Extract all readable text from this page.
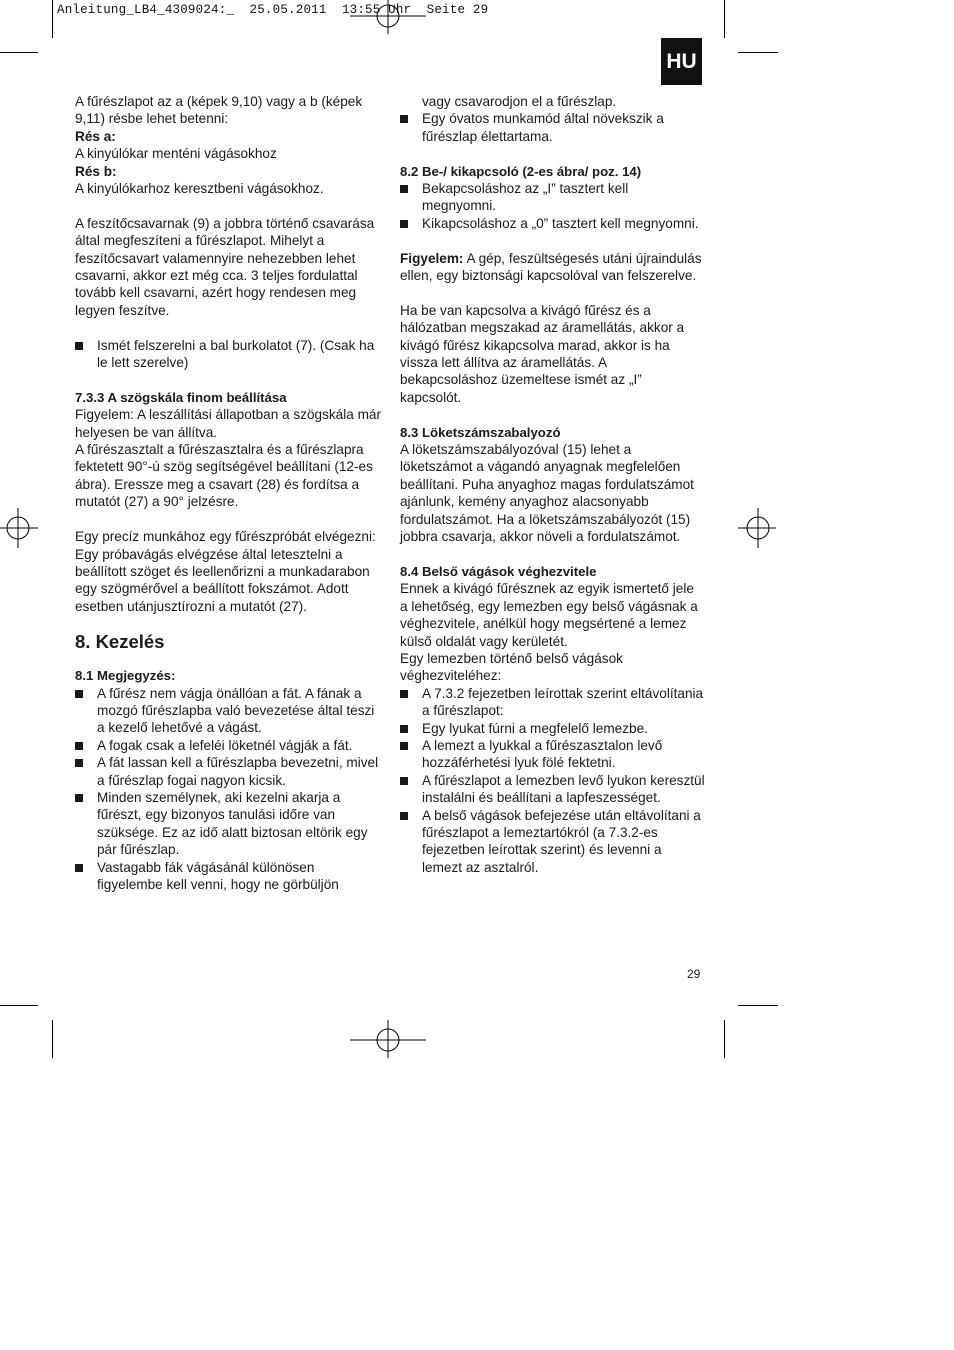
Anleitung_LB4_4309024:_  25.05.2011  13:55 Uhr  Seite 29
HU

A fűrészlapot az a (képek 9,10) vagy a b (képek 9,11) résbe lehet betenni:

Rés a:

A kinyúlókar menténi vágásokhoz

Rés b:

A kinyúlókarhoz keresztbeni vágásokhoz.

A feszítőcsavarnak (9) a jobbra történő csavarása által megfeszíteni a fűrészlapot. Mihelyt a feszítőcsavart valamennyire nehezebben lehet csavarni, akkor ezt még cca. 3 teljes fordulattal tovább kell csavarni, azért hogy rendesen meg legyen feszítve.

Ismét felszerelni a bal burkolatot (7). (Csak ha le lett szerelve)

7.3.3 A szögskála finom beállítása

Figyelem: A leszállítási állapotban a szögskála már helyesen be van állítva.

A fűrészasztalt a fűrészasztalra és a fűrészlapra fektetett 90°-ú szög segítségével beállítani (12-es ábra). Eressze meg a csavart (28) és fordítsa a mutatót (27) a 90° jelzésre.

Egy precíz munkához egy fűrészpróbát elvégezni:

Egy próbavágás elvégzése által letesztelni a beállított szöget és leellenőrizni a munkadarabon egy szögmérővel a beállított fokszámot. Adott esetben utánjusztírozni a mutatót (27).

8. Kezelés

8.1 Megjegyzés:

A fűrész nem vágja önállóan a fát. A fának a mozgó fűrészlapba való bevezetése által teszi a kezelő lehetővé a vágást.
A fogak csak a lefeléi löketnél vágják a fát.
A fát lassan kell a fűrészlapba bevezetni, mivel a fűrészlap fogai nagyon kicsik.
Minden személynek, aki kezelni akarja a fűrészt, egy bizonyos tanulási időre van szüksége. Ez az idő alatt biztosan eltörik egy pár fűrészlap.
Vastagabb fák vágásánál különösen figyelembe kell venni, hogy ne görbüljön

vagy csavarodjon el a fűrészlap.

Egy óvatos munkamód által növekszik a fűrészlap élettartama.

8.2 Be-/ kikapcsoló (2-es ábra/ poz. 14)

Bekapcsoláshoz az „I” tasztert kell megnyomni.
Kikapcsoláshoz a „0” tasztert kell megnyomni.

Figyelem: A gép, feszültségesés utáni újraindulás ellen, egy biztonsági kapcsolóval van felszerelve.

Ha be van kapcsolva a kivágó fűrész és a hálózatban megszakad az áramellátás, akkor a kivágó fűrész kikapcsolva marad, akkor is ha vissza lett állítva az áramellátás. A bekapcsoláshoz üzemeltese ismét az „I” kapcsolót.

8.3 Löketszámszabalyozó

A löketszámszabályozóval (15) lehet a löketszámot a vágandó anyagnak megfelelően beállítani. Puha anyaghoz magas fordulatszámot ajánlunk, kemény anyaghoz alacsonyabb fordulatszámot. Ha a löketszámszabályozót (15) jobbra csavarja, akkor növeli a fordulatszámot.

8.4 Belső vágások véghezvitele

Ennek a kivágó fűrésznek az egyik ismertető jele a lehetőség, egy lemezben egy belső vágásnak a véghezvitele, anélkül hogy megsértené a lemez külső oldalát vagy kerületét.

Egy lemezben történő belső vágások véghezviteléhez:

A 7.3.2 fejezetben leírottak szerint eltávolítania a fűrészlapot:
Egy lyukat fúrni a megfelelő lemezbe.
A lemezt a lyukkal a fűrészasztalon levő hozzáférhetési lyuk fölé fektetni.
A fűrészlapot a lemezben levő lyukon keresztül instalálni és beállítani a lapfeszességet.
A belső vágások befejezése után eltávolítani a fűrészlapot a lemeztartókról (a 7.3.2-es fejezetben leírottak szerint) és levenni a lemezt az asztalról.
29
